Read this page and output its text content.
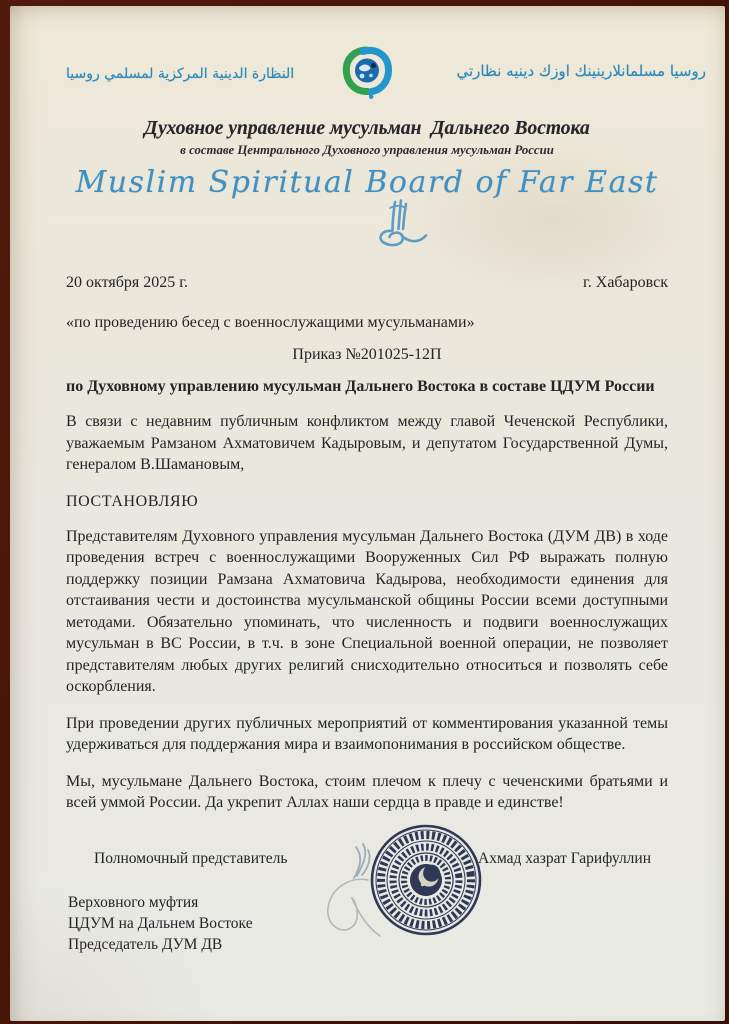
النظارة الدينية المركزية لمسلمي روسيا	روسيا مسلمانلارينينك اوزك دينيه نظارتي
Духовное управление мусульман  Дальнего Востока
в составе Центрального Духовного управления мусульман России
Muslim Spiritual Board of Far East
20 октября 2025 г.	г. Хабаровск
«по проведению бесед с военнослужащими мусульманами»
Приказ №201025-12П
по Духовному управлению мусульман Дальнего Востока в составе ЦДУМ России

В связи с недавним публичным конфликтом между главой Чеченской Республики, уважаемым Рамзаном Ахматовичем Кадыровым, и депутатом Государственной Думы, генералом В.Шамановым,

ПОСТАНОВЛЯЮ

Представителям Духовного управления мусульман Дальнего Востока (ДУМ ДВ) в ходе проведения встреч с военнослужащими Вооруженных Сил РФ выражать полную поддержку позиции Рамзана Ахматовича Кадырова, необходимости единения для отстаивания чести и достоинства мусульманской общины России всеми доступными методами. Обязательно упоминать, что численность и подвиги военнослужащих мусульман в ВС России, в т.ч. в зоне Специальной военной операции, не позволяет представителям любых других религий снисходительно относиться и позволять себе оскорбления.

При проведении других публичных мероприятий от комментирования указанной темы удерживаться для поддержания мира и взаимопонимания в российском обществе.

Мы, мусульмане Дальнего Востока, стоим плечом к плечу с чеченскими братьями и всей уммой России. Да укрепит Аллах наши сердца в правде и единстве!

Полномочный представитель	Ахмад хазрат Гарифуллин
Верховного муфтия
ЦДУМ на Дальнем Востоке
Председатель ДУМ ДВ
